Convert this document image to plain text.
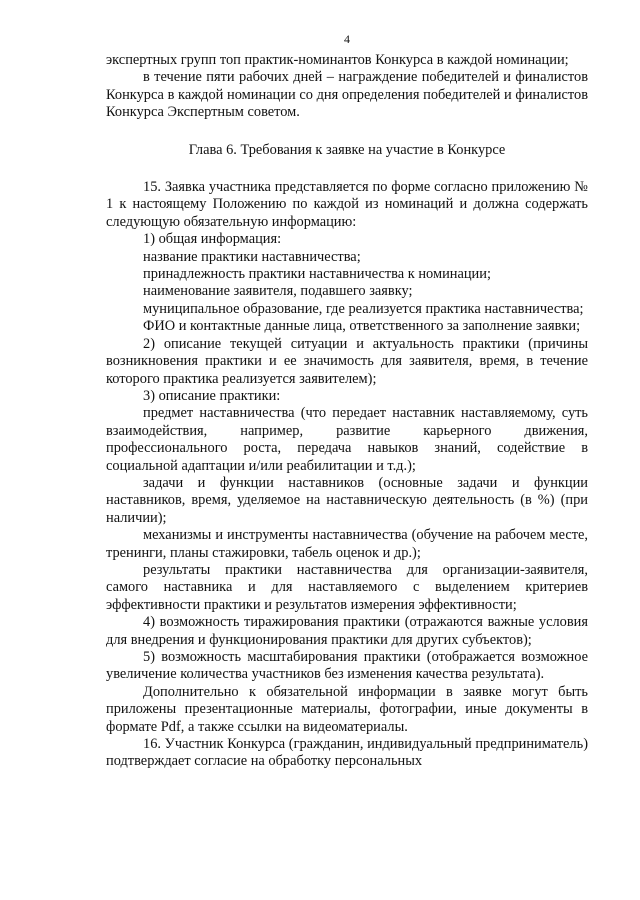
4

экспертных групп топ практик-номинантов Конкурса в каждой номинации;

в течение пяти рабочих дней – награждение победителей и финалистов Конкурса в каждой номинации со дня определения победителей и финалистов Конкурса Экспертным советом.

Глава 6. Требования к заявке на участие в Конкурсе

15. Заявка участника представляется по форме согласно приложению № 1 к настоящему Положению по каждой из номинаций и должна содержать следующую обязательную информацию:

1) общая информация:

название практики наставничества;

принадлежность практики наставничества к номинации;

наименование заявителя, подавшего заявку;

муниципальное образование, где реализуется практика наставничества;

ФИО и контактные данные лица, ответственного за заполнение заявки;

2) описание текущей ситуации и актуальность практики (причины возникновения практики и ее значимость для заявителя, время, в течение которого практика реализуется заявителем);

3) описание практики:

предмет наставничества (что передает наставник наставляемому, суть взаимодействия, например, развитие карьерного движения, профессионального роста, передача навыков знаний, содействие в социальной адаптации и/или реабилитации и т.д.);

задачи и функции наставников (основные задачи и функции наставников, время, уделяемое на наставническую деятельность (в %) (при наличии);

механизмы и инструменты наставничества (обучение на рабочем месте, тренинги, планы стажировки, табель оценок и др.);

результаты практики наставничества для организации-заявителя, самого наставника и для наставляемого с выделением критериев эффективности практики и результатов измерения эффективности;

4) возможность тиражирования практики (отражаются важные условия для внедрения и функционирования практики для других субъектов);

5) возможность масштабирования практики (отображается возможное увеличение количества участников без изменения качества результата).

Дополнительно к обязательной информации в заявке могут быть приложены презентационные материалы, фотографии, иные документы в формате Pdf, а также ссылки на видеоматериалы.

16. Участник Конкурса (гражданин, индивидуальный предприниматель) подтверждает согласие на обработку персональных
